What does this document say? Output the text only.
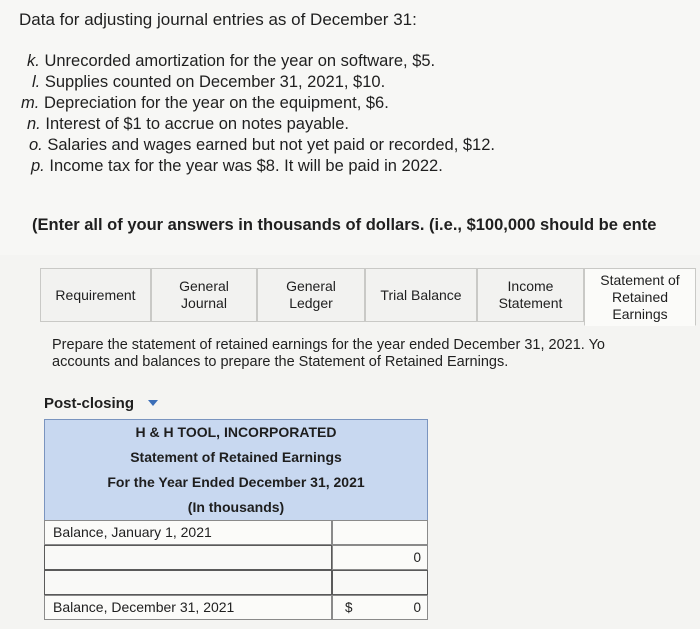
Data for adjusting journal entries as of December 31:
k. Unrecorded amortization for the year on software, $5.
l. Supplies counted on December 31, 2021, $10.
m. Depreciation for the year on the equipment, $6.
n. Interest of $1 to accrue on notes payable.
o. Salaries and wages earned but not yet paid or recorded, $12.
p. Income tax for the year was $8. It will be paid in 2022.
(Enter all of your answers in thousands of dollars. (i.e., $100,000 should be ente
Requirement
General
Journal
General
Ledger
Trial Balance
Income
Statement
Statement of
Retained
Earnings
Prepare the statement of retained earnings for the year ended December 31, 2021. Yo
accounts and balances to prepare the Statement of Retained Earnings.
Post-closing
H & H TOOL, INCORPORATED
Statement of Retained Earnings
For the Year Ended December 31, 2021
(In thousands)
Balance, January 1, 2021
0
Balance, December 31, 2021	$	0
